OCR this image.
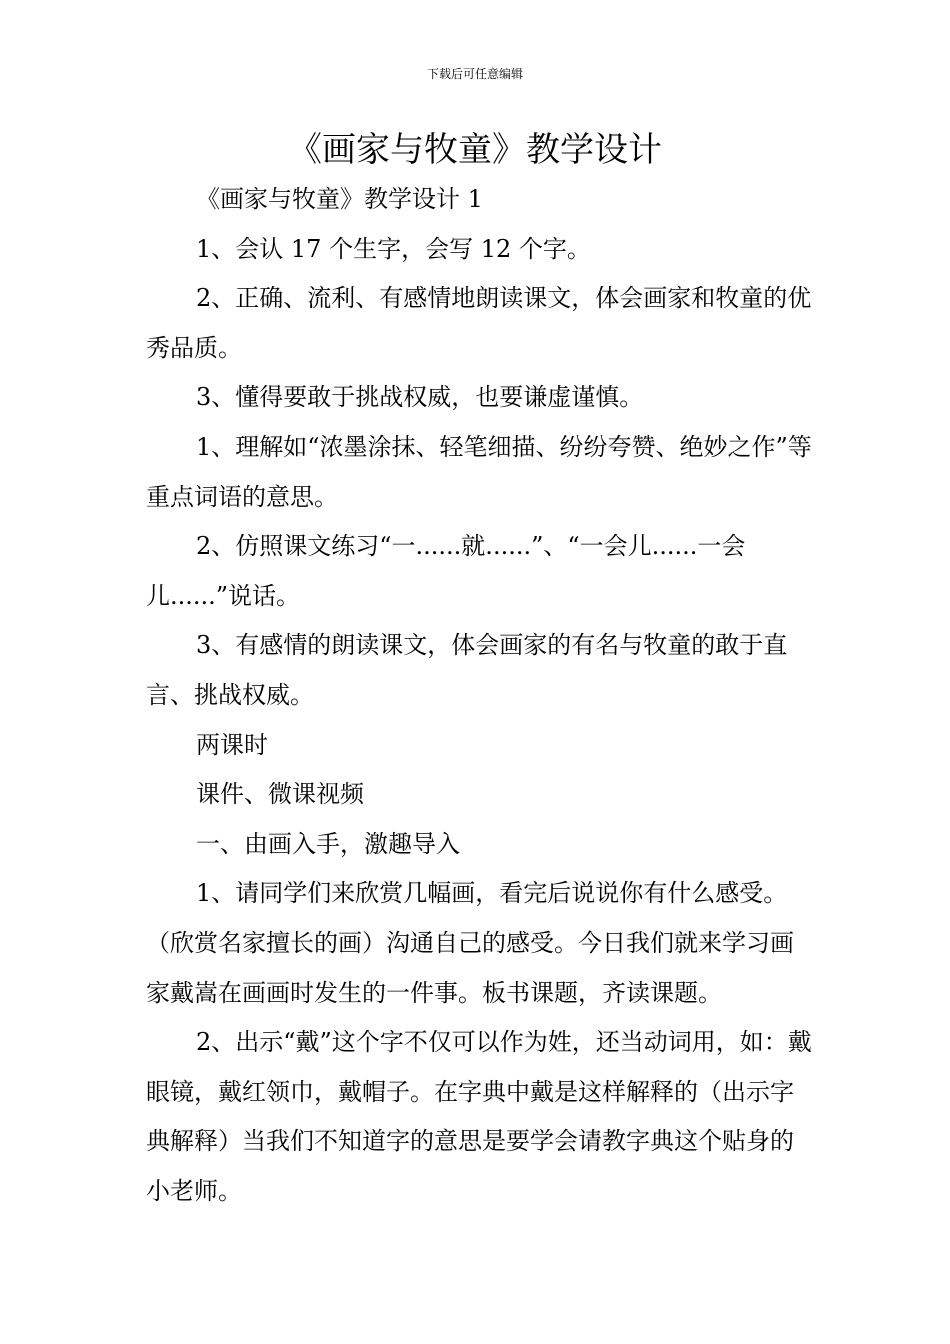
下载后可任意编辑
《画家与牧童》教学设计

《画家与牧童》教学设计 1

1、会认 17 个生字，会写 12 个字。

2、正确、流利、有感情地朗读课文，体会画家和牧童的优秀品质。

3、懂得要敢于挑战权威，也要谦虚谨慎。

1、理解如“浓墨涂抹、轻笔细描、纷纷夸赞、绝妙之作”等重点词语的意思。

2、仿照课文练习“一......就......”、“一会儿......一会儿......”说话。

3、有感情的朗读课文，体会画家的有名与牧童的敢于直言、挑战权威。

两课时

课件、微课视频

一、由画入手，激趣导入

1、请同学们来欣赏几幅画，看完后说说你有什么感受。（欣赏名家擅长的画）沟通自己的感受。今日我们就来学习画家戴嵩在画画时发生的一件事。板书课题，齐读课题。

2、出示“戴”这个字不仅可以作为姓，还当动词用，如：戴眼镜，戴红领巾，戴帽子。在字典中戴是这样解释的（出示字典解释）当我们不知道字的意思是要学会请教字典这个贴身的小老师。
